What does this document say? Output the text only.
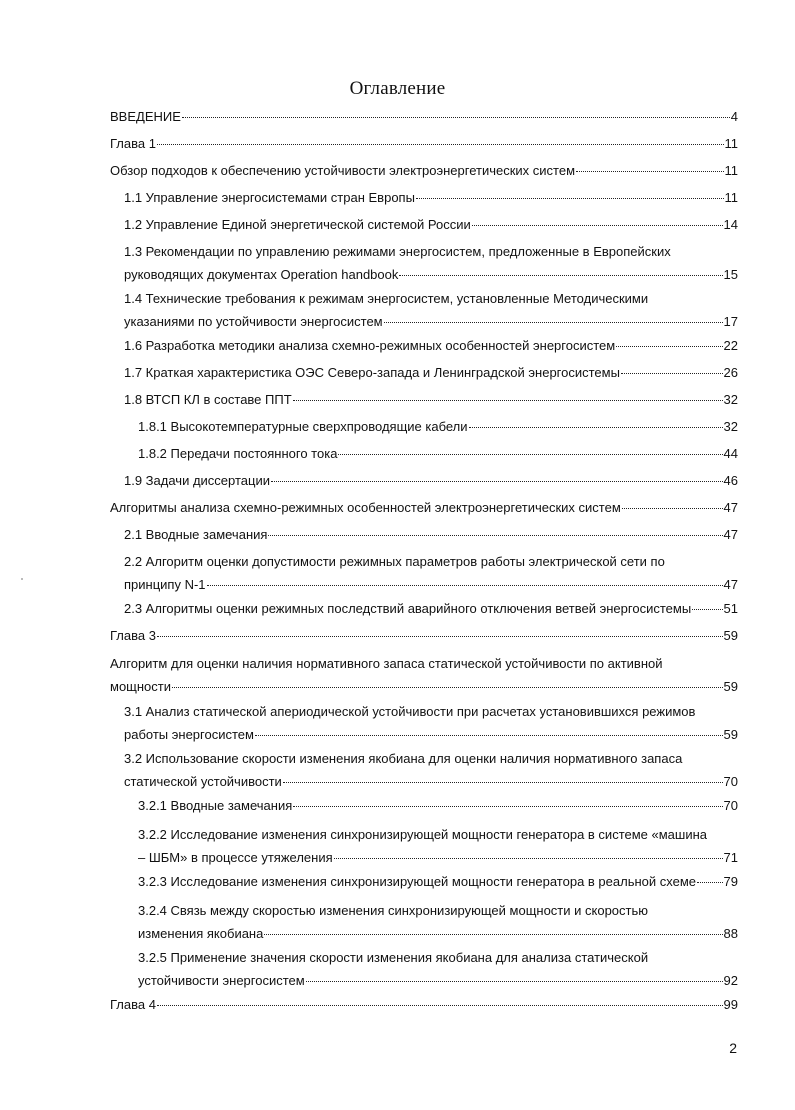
Оглавление
ВВЕДЕНИЕ	4
Глава 1	11
Обзор подходов к обеспечению устойчивости электроэнергетических систем	11
1.1 Управление энергосистемами стран Европы	11
1.2 Управление Единой энергетической системой России	14
1.3 Рекомендации по управлению режимами энергосистем, предложенные в Европейских
руководящих документах Operation handbook	15
1.4 Технические требования к режимам энергосистем, установленные Методическими
указаниями по устойчивости энергосистем	17
1.6 Разработка методики анализа схемно-режимных особенностей энергосистем	22
1.7 Краткая характеристика ОЭС Северо-запада и Ленинградской энергосистемы	26
1.8 ВТСП КЛ в составе ППТ	32
1.8.1 Высокотемпературные сверхпроводящие кабели	32
1.8.2 Передачи постоянного тока	44
1.9 Задачи диссертации	46
Алгоритмы анализа схемно-режимных особенностей электроэнергетических систем	47
2.1 Вводные замечания	47
2.2 Алгоритм оценки допустимости режимных параметров работы электрической сети по
принципу N-1	47
2.3 Алгоритмы оценки режимных последствий аварийного отключения ветвей энергосистемы 51
Глава 3	59
Алгоритм для оценки наличия нормативного запаса статической устойчивости по активной
мощности	59
3.1 Анализ статической апериодической устойчивости при расчетах установившихся режимов
работы энергосистем	59
3.2 Использование скорости изменения якобиана для оценки наличия нормативного запаса
статической устойчивости	70
3.2.1 Вводные замечания	70
3.2.2 Исследование изменения синхронизирующей мощности генератора в системе «машина
– ШБМ» в процессе утяжеления	71
3.2.3 Исследование изменения синхронизирующей мощности генератора в реальной схеме 79
3.2.4 Связь между скоростью изменения синхронизирующей мощности и скоростью
изменения якобиана	88
3.2.5 Применение значения скорости изменения якобиана для анализа статической
устойчивости энергосистем	92
Глава 4	99
2
